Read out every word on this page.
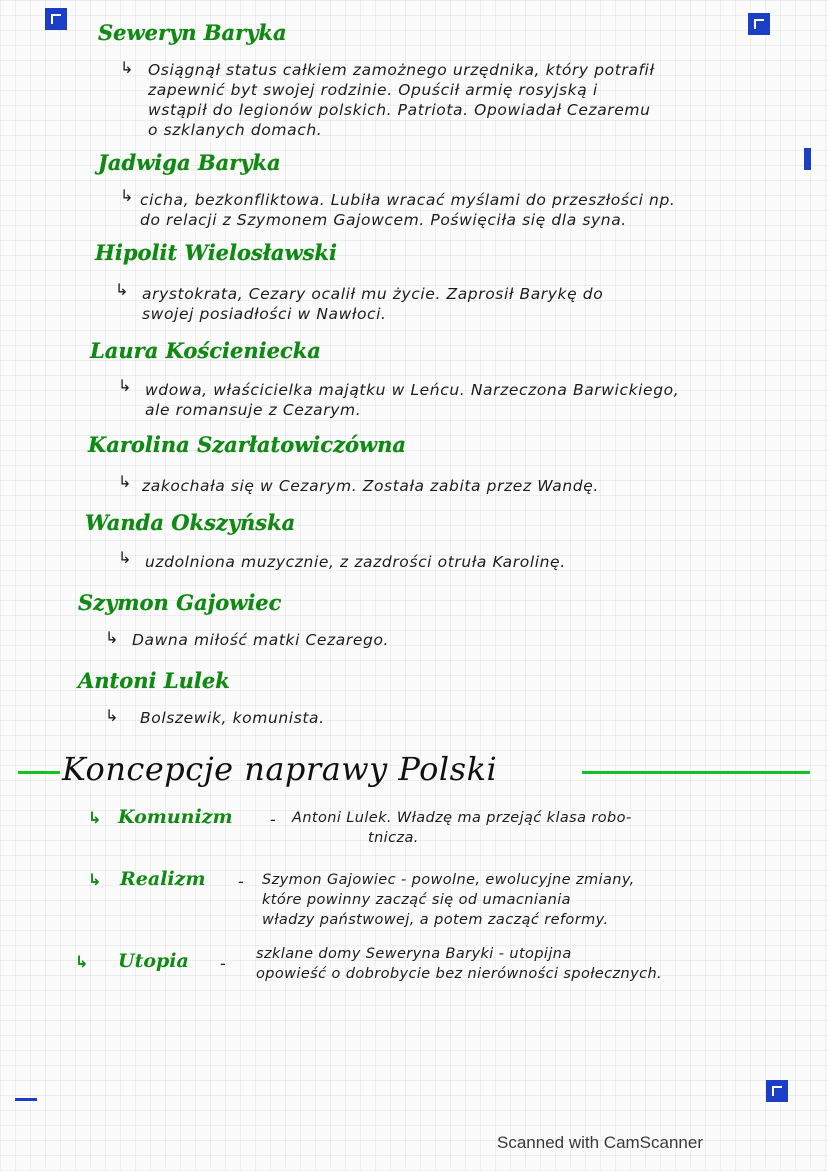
Seweryn Baryka
↳ Osiągnął status całkiem zamożnego urzędnika, który potrafił
zapewnić byt swojej rodzinie. Opuścił armię rosyjską i
wstąpił do legionów polskich. Patriota. Opowiadał Cezaremu
o szklanych domach.
Jadwiga Baryka
↳ cicha, bezkonfliktowa. Lubiła wracać myślami do przeszłości np.
do relacji z Szymonem Gajowcem. Poświęciła się dla syna.
Hipolit Wielosławski
↳ arystokrata, Cezary ocalił mu życie. Zaprosił Barykę do
swojej posiadłości w Nawłoci.
Laura Kościeniecka
↳ wdowa, właścicielka majątku w Leńcu. Narzeczona Barwickiego,
ale romansuje z Cezarym.
Karolina Szarłatowiczówna
↳ zakochała się w Cezarym. Została zabita przez Wandę.
Wanda Okszyńska
↳ uzdolniona muzycznie, z zazdrości otruła Karolinę.
Szymon Gajowiec
↳ Dawna miłość matki Cezarego.
Antoni Lulek
↳ Bolszewik, komunista.
Koncepcje naprawy Polski
↳ Komunizm - Antoni Lulek. Władzę ma przejąć klasa robo-
tnicza.
↳ Realizm - Szymon Gajowiec - powolne, ewolucyjne zmiany,
które powinny zacząć się od umacniania
władzy państwowej, a potem zacząć reformy.
↳ Utopia - szklane domy Seweryna Baryki - utopijna
opowieść o dobrobycie bez nierówności społecznych.
Scanned with CamScanner
